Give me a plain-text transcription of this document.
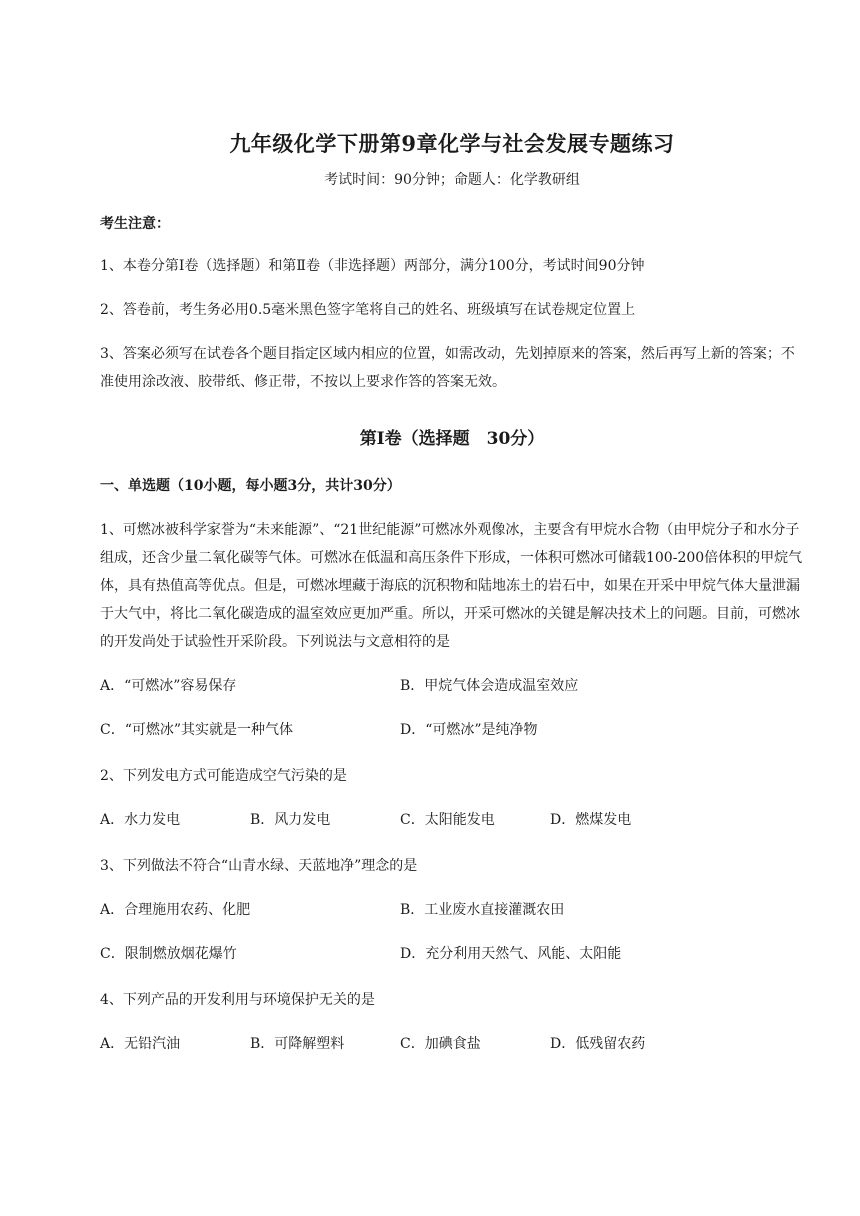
九年级化学下册第9章化学与社会发展专题练习
考试时间：90分钟；命题人：化学教研组
考生注意：

1、本卷分第Ⅰ卷（选择题）和第Ⅱ卷（非选择题）两部分，满分100分，考试时间90分钟

2、答卷前，考生务必用0.5毫米黑色签字笔将自己的姓名、班级填写在试卷规定位置上

3、答案必须写在试卷各个题目指定区域内相应的位置，如需改动，先划掉原来的答案，然后再写上新的答案；不准使用涂改液、胶带纸、修正带，不按以上要求作答的答案无效。

第Ⅰ卷（选择题　30分）
一、单选题（10小题，每小题3分，共计30分）

1、可燃冰被科学家誉为“未来能源”、“21世纪能源”可燃冰外观像冰，主要含有甲烷水合物（由甲烷分子和水分子组成，还含少量二氧化碳等气体。可燃冰在低温和高压条件下形成，一体积可燃冰可储载100-200倍体积的甲烷气体，具有热值高等优点。但是，可燃冰埋藏于海底的沉积物和陆地冻土的岩石中，如果在开采中甲烷气体大量泄漏于大气中，将比二氧化碳造成的温室效应更加严重。所以，开采可燃冰的关键是解决技术上的问题。目前，可燃冰的开发尚处于试验性开采阶段。下列说法与文意相符的是

A．“可燃冰”容易保存	B．甲烷气体会造成温室效应
C．“可燃冰”其实就是一种气体	D．“可燃冰”是纯净物

2、下列发电方式可能造成空气污染的是

A．水力发电	B．风力发电	C．太阳能发电	D．燃煤发电

3、下列做法不符合“山青水绿、天蓝地净”理念的是

A．合理施用农药、化肥	B．工业废水直接灌溉农田
C．限制燃放烟花爆竹	D．充分利用天然气、风能、太阳能

4、下列产品的开发利用与环境保护无关的是

A．无铅汽油	B．可降解塑料	C．加碘食盐	D．低残留农药
